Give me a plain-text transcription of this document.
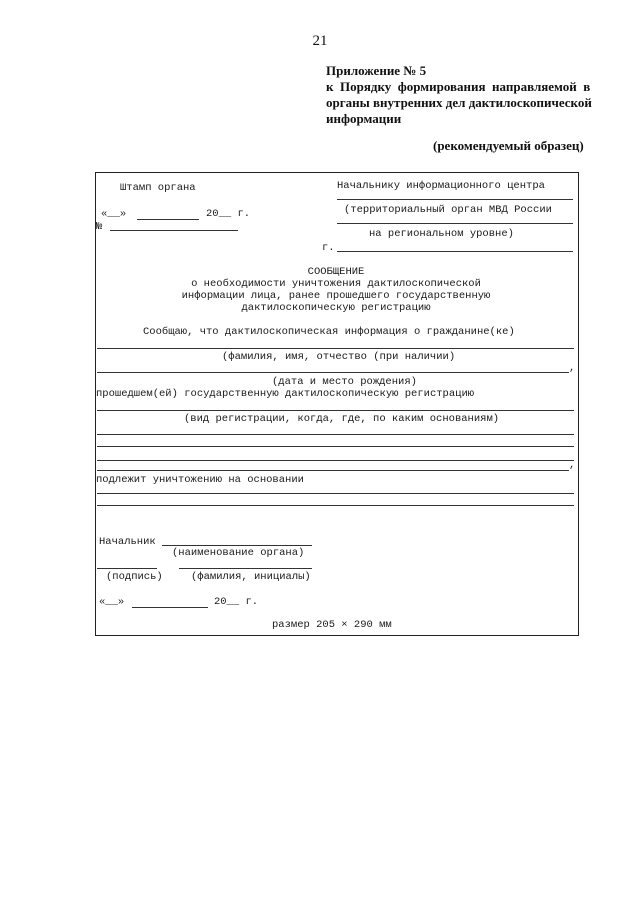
21
Приложение № 5
к  Порядку  формирования  направляемой  в
органы внутренних дел дактилоскопической
информации
(рекомендуемый образец)
Штамп органа	Начальнику информационного центра
(территориальный орган МВД России
на региональном уровне)
г.
«__»	20__ г.
№
СООБЩЕНИЕ
о необходимости уничтожения дактилоскопической
информации лица, ранее прошедшего государственную
дактилоскопическую регистрацию
Сообщаю, что дактилоскопическая информация о гражданине(ке)
(фамилия, имя, отчество (при наличии)
,
(дата и место рождения)
прошедшем(ей) государственную дактилоскопическую регистрацию
(вид регистрации, когда, где, по каким основаниям)
,
подлежит уничтожению на основании
Начальник
(наименование органа)
(подпись)	(фамилия, инициалы)
«__»	20__ г.
размер 205 × 290 мм
